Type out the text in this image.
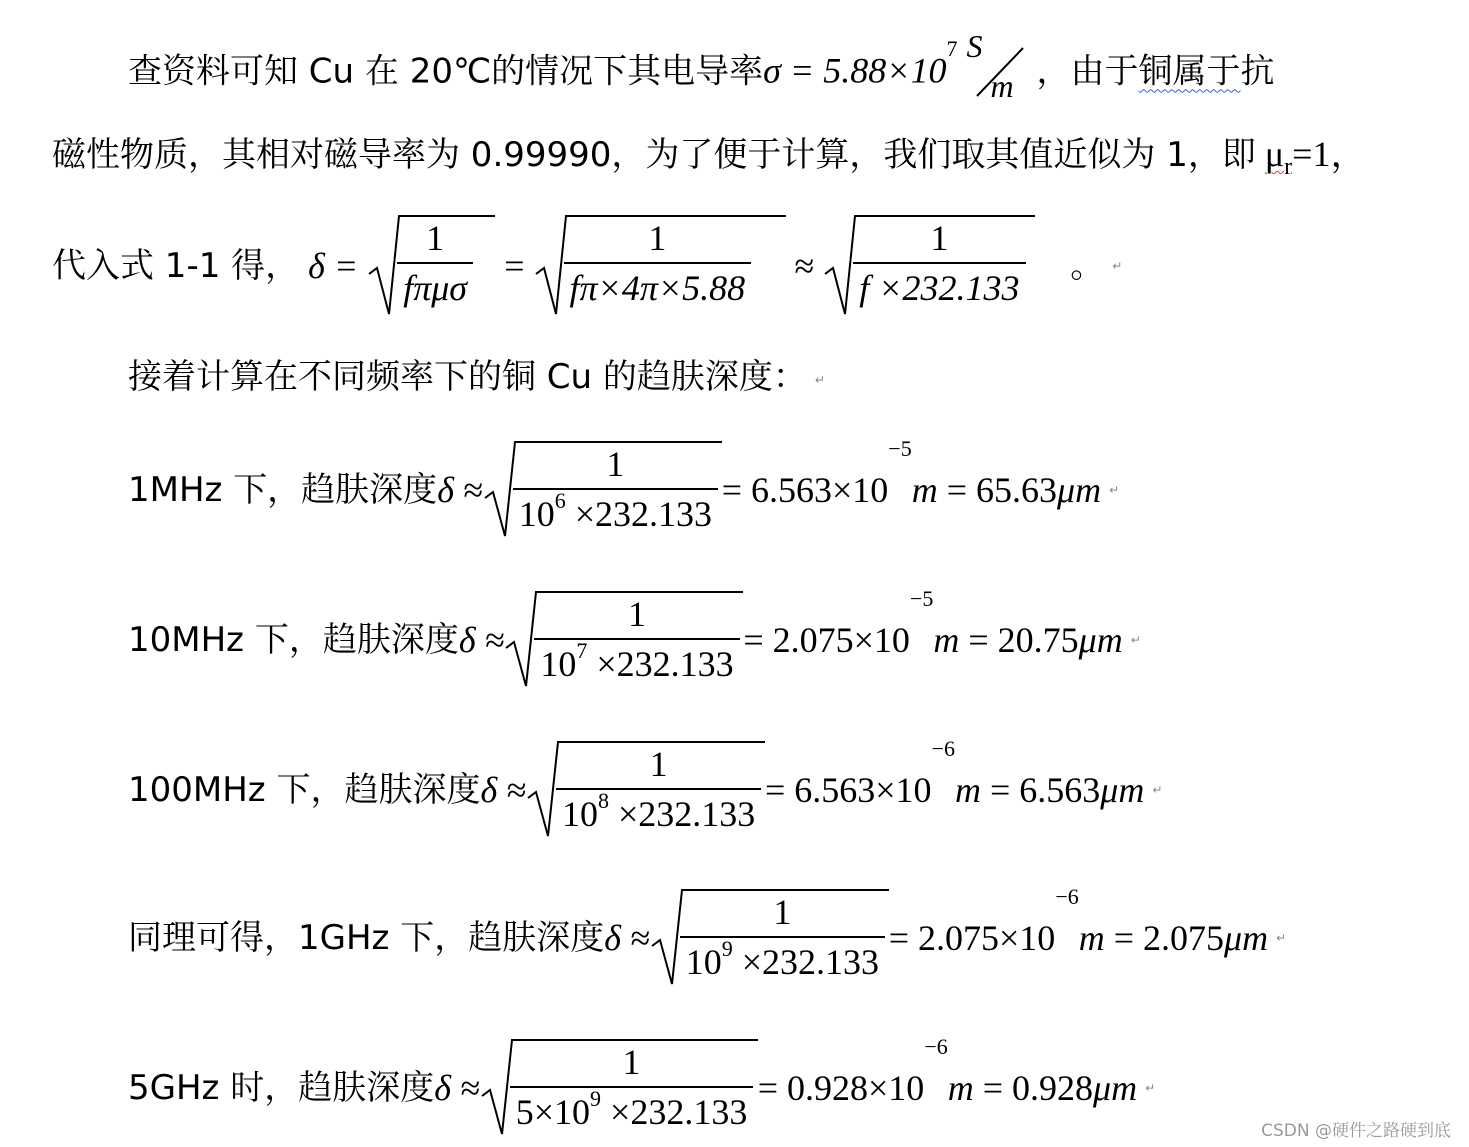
查资料可知 Cu 在 20℃的情况下其电导率$\sigma = 5.88\times 10^7$ S
m ，由于铜属于抗
磁性物质，其相对磁导率为 0.99990，为了便于计算，我们取其值近似为 1，即 $\mu_r=1$，
代入式 1-1 得， $\delta = \frac{1}{\text{fπμσ}} = \frac{1}{f\pi\times 4\pi\times 5.88} \approx \frac{1}{f \times 232.133}$ 。 ↵
接着计算在不同频率下的铜 Cu 的趋肤深度： ↵
1MHz 下，趋肤深度$\delta \approx \frac{1}{10^6 \times 232.133} = 6.563\times 10^{-5}m = 65.63\mu m$ ↵
10MHz 下，趋肤深度$\delta \approx \frac{1}{10^7 \times 232.133} = 2.075\times 10^{-5}m = 20.75\mu m$ ↵
100MHz 下，趋肤深度$\delta \approx \frac{1}{10^8 \times 232.133} = 6.563\times 10^{-6}m = 6.563\mu m$ ↵
同理可得，1GHz 下，趋肤深度$\delta \approx \frac{1}{10^9 \times 232.133} = 2.075\times 10^{-6}m = 2.075\mu m$ ↵
5GHz 时，趋肤深度$\delta \approx \frac{1}{5\times 10^9 \times 232.133} = 0.928\times 10^{-6}m = 0.928\mu m$ ↵
CSDN @硬件之路硬到底
